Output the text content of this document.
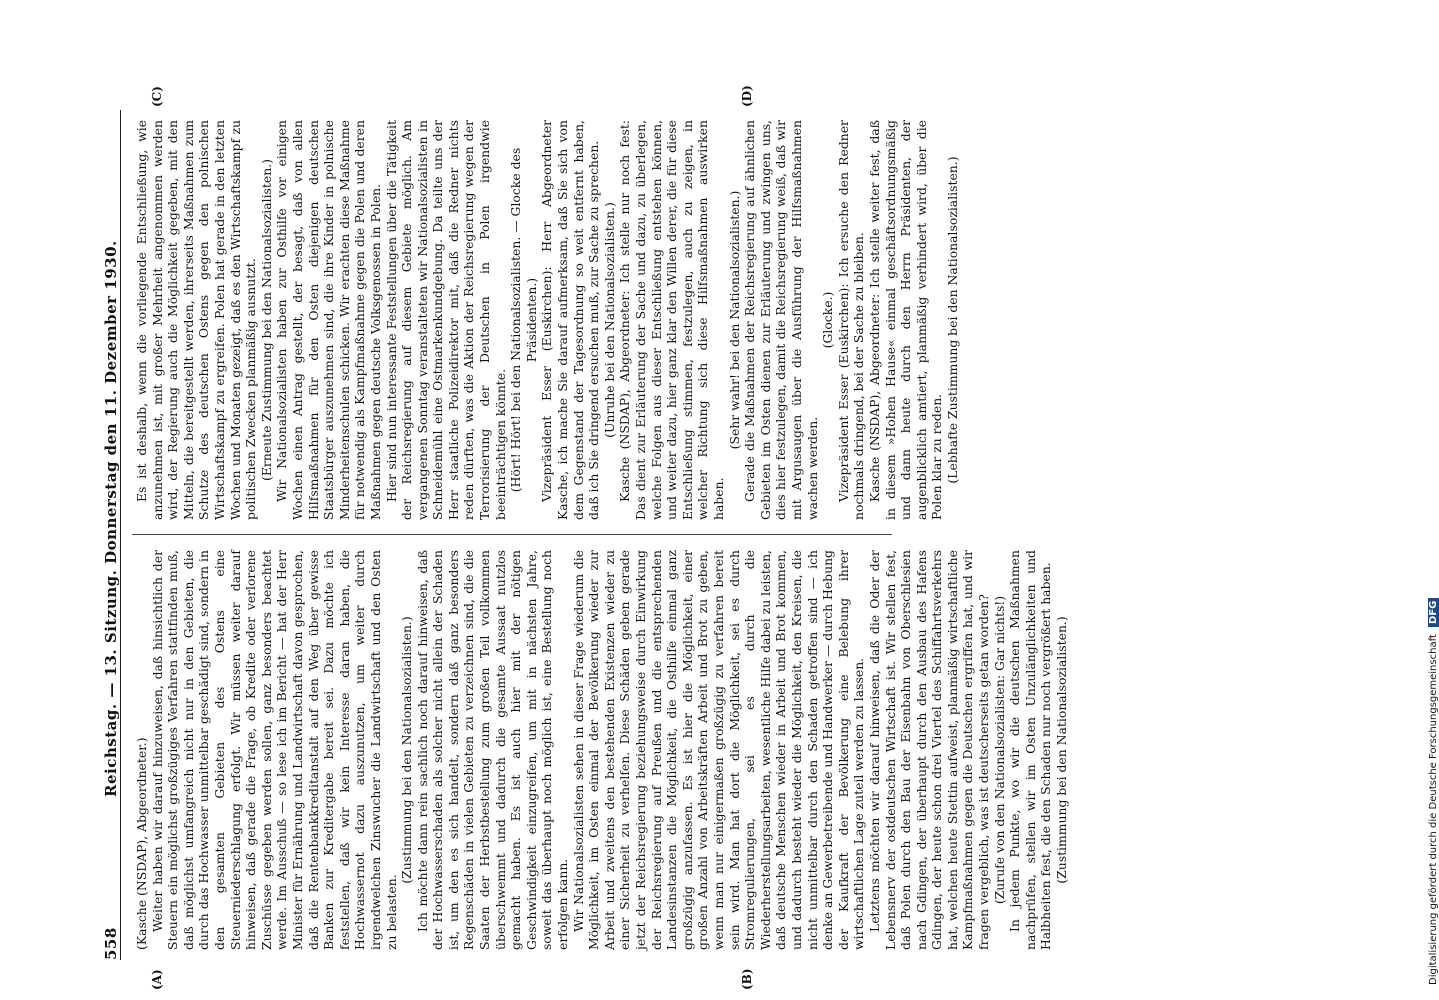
558
Reichstag. — 13. Sitzung. Donnerstag den 11. Dezember 1930.
(A)	(B)
(C)	(D)

(Kasche (NSDAP), Abgeordneter.) Weiter haben wir darauf hinzuweisen, daß hinsichtlich der Steuern ein möglichst großzügiges Verfahren stattfinden muß, daß möglichst umfangreich nicht nur in den Gebieten, die durch das Hochwasser unmittelbar geschädigt sind, sondern in den gesamten Gebieten des Ostens eine Steuerniederschlagung erfolgt. Wir müssen weiter darauf hinweisen, daß gerade die Frage, ob Kredite oder verlorene Zuschüsse gegeben werden sollen, ganz besonders beachtet werde. Im Ausschuß — so lese ich im Bericht — hat der Herr Minister für Ernährung und Landwirtschaft davon gesprochen, daß die Rentenbankkreditanstalt auf den Weg über gewisse Banken zur Kreditergabe bereit sei. Dazu möchte ich feststellen, daß wir kein Interesse daran haben, die Hochwassernot dazu auszunutzen, um weiter durch irgendwelchen Zinswucher die Landwirtschaft und den Osten zu belasten.

(Zustimmung bei den Nationalsozialisten.) Ich möchte dann rein sachlich noch darauf hinweisen, daß der Hochwasserschaden als solcher nicht allein der Schaden ist, um den es sich handelt, sondern daß ganz besonders Regenschäden in vielen Gebieten zu verzeichnen sind, die die Saaten der Herbstbestellung zum großen Teil vollkommen überschwemmt und dadurch die gesamte Aussaat nutzlos gemacht haben. Es ist auch hier mit der nötigen Geschwindigkeit einzugreifen, um mit in nächsten Jahre, soweit das überhaupt noch möglich ist, eine Bestellung noch erfolgen kann. Wir Nationalsozialisten sehen in dieser Frage wiederum die Möglichkeit, im Osten einmal der Bevölkerung wieder zur Arbeit und zweitens den bestehenden Existenzen wieder zu einer Sicherheit zu verhelfen. Diese Schäden geben gerade jetzt der Reichsregierung beziehungsweise durch Einwirkung der Reichsregierung auf Preußen und die entsprechenden Landesinstanzen die Möglichkeit, die Osthilfe einmal ganz großzügig anzufassen. Es ist hier die Möglichkeit, einer großen Anzahl von Arbeitskräften Arbeit und Brot zu geben, wenn man nur einigermaßen großzügig zu verfahren bereit sein wird. Man hat dort die Möglichkeit, sei es durch Stromregulierungen, sei es durch die Wiederherstellungsarbeiten, wesentliche Hilfe dabei zu leisten, daß deutsche Menschen wieder in Arbeit und Brot kommen, und dadurch besteht wieder die Möglichkeit, den Kreisen, die nicht unmittelbar durch den Schaden getroffen sind — ich denke an Gewerbetreibende und Handwerker — durch Hebung der Kaufkraft der Bevölkerung eine Belebung ihrer wirtschaftlichen Lage zuteil werden zu lassen. Letztens möchten wir darauf hinweisen, daß die Oder der Lebensnerv der ostdeutschen Wirtschaft ist. Wir stellen fest, daß Polen durch den Bau der Eisenbahn von Oberschlesien nach Gdingen, der überhaupt durch den Ausbau des Hafens Gdingen, der heute schon drei Viertel des Schiffahrtsverkehrs hat, welchen heute Stettin aufweist, planmäßig wirtschaftliche Kampfmaßnahmen gegen die Deutschen ergriffen hat, und wir fragen vergeblich, was ist deutscherseits getan worden? (Zurufe von den Nationalsozialisten: Gar nichts!) In jedem Punkte, wo wir die deutschen Maßnahmen nachprüfen, stellen wir im Osten Unzulänglichkeiten und Halbheiten fest, die den Schaden nur noch vergrößert haben. (Zustimmung bei den Nationalsozialisten.)

Es ist deshalb, wenn die vorliegende Entschließung, wie anzunehmen ist, mit großer Mehrheit angenommen werden wird, der Regierung auch die Möglichkeit gegeben, mit den Mitteln, die bereitgestellt werden, ihrerseits Maßnahmen zum Schutze des deutschen Ostens gegen den polnischen Wirtschaftskampf zu ergreifen. Polen hat gerade in den letzten Wochen und Monaten gezeigt, daß es den Wirtschaftskampf zu politischen Zwecken planmäßig ausnutzt. (Erneute Zustimmung bei den Nationalsozialisten.) Wir Nationalsozialisten haben zur Osthilfe vor einigen Wochen einen Antrag gestellt, der besagt, daß von allen Hilfsmaßnahmen für den Osten diejenigen deutschen Staatsbürger auszunehmen sind, die ihre Kinder in polnische Minderheitenschulen schicken. Wir erachten diese Maßnahme für notwendig als Kampfmaßnahme gegen die Polen und deren Maßnahmen gegen deutsche Volksgenossen in Polen. Hier sind nun interessante Feststellungen über die Tätigkeit der Reichsregierung auf diesem Gebiete möglich. Am vergangenen Sonntag veranstalteten wir Nationalsozialisten in Schneidemühl eine Ostmarkenkundgebung. Da teilte uns der Herr staatliche Polizeidirektor mit, daß die Redner nichts reden dürften, was die Aktion der Reichsregierung wegen der Terrorisierung der Deutschen in Polen irgendwie beeinträchtigen könnte. (Hört! Hört! bei den Nationalsozialisten. — Glocke des Präsidenten.) Vizepräsident Esser (Euskirchen): Herr Abgeordneter Kasche, ich mache Sie darauf aufmerksam, daß Sie sich von dem Gegenstand der Tagesordnung so weit entfernt haben, daß ich Sie dringend ersuchen muß, zur Sache zu sprechen. (Unruhe bei den Nationalsozialisten.) Kasche (NSDAP), Abgeordneter: Ich stelle nur noch fest: Das dient zur Erläuterung der Sache und dazu, zu überlegen, welche Folgen aus dieser Entschließung entstehen können, und weiter dazu, hier ganz klar den Willen derer, die für diese Entschließung stimmen, festzulegen, auch zu zeigen, in welcher Richtung sich diese Hilfsmaßnahmen auswirken haben.

(Sehr wahr! bei den Nationalsozialisten.) Gerade die Maßnahmen der Reichsregierung auf ähnlichen Gebieten im Osten dienen zur Erläuterung und zwingen uns, dies hier festzulegen, damit die Reichsregierung weiß, daß wir mit Argusaugen über die Ausführung der Hilfsmaßnahmen wachen werden.

(Glocke.) Vizepräsident Esser (Euskirchen): Ich ersuche den Redner nochmals dringend, bei der Sache zu bleiben. Kasche (NSDAP), Abgeordneter: Ich stelle weiter fest, daß in diesem »Hohen Hause« einmal geschäftsordnungsmäßig und dann heute durch den Herrn Präsidenten, der augenblicklich amtiert, planmäßig verhindert wird, über die Polen klar zu reden. (Lebhafte Zustimmung bei den Nationalsozialisten.)

Digitalisierung gefördert durch die Deutsche Forschungsgemeinschaft DFG
